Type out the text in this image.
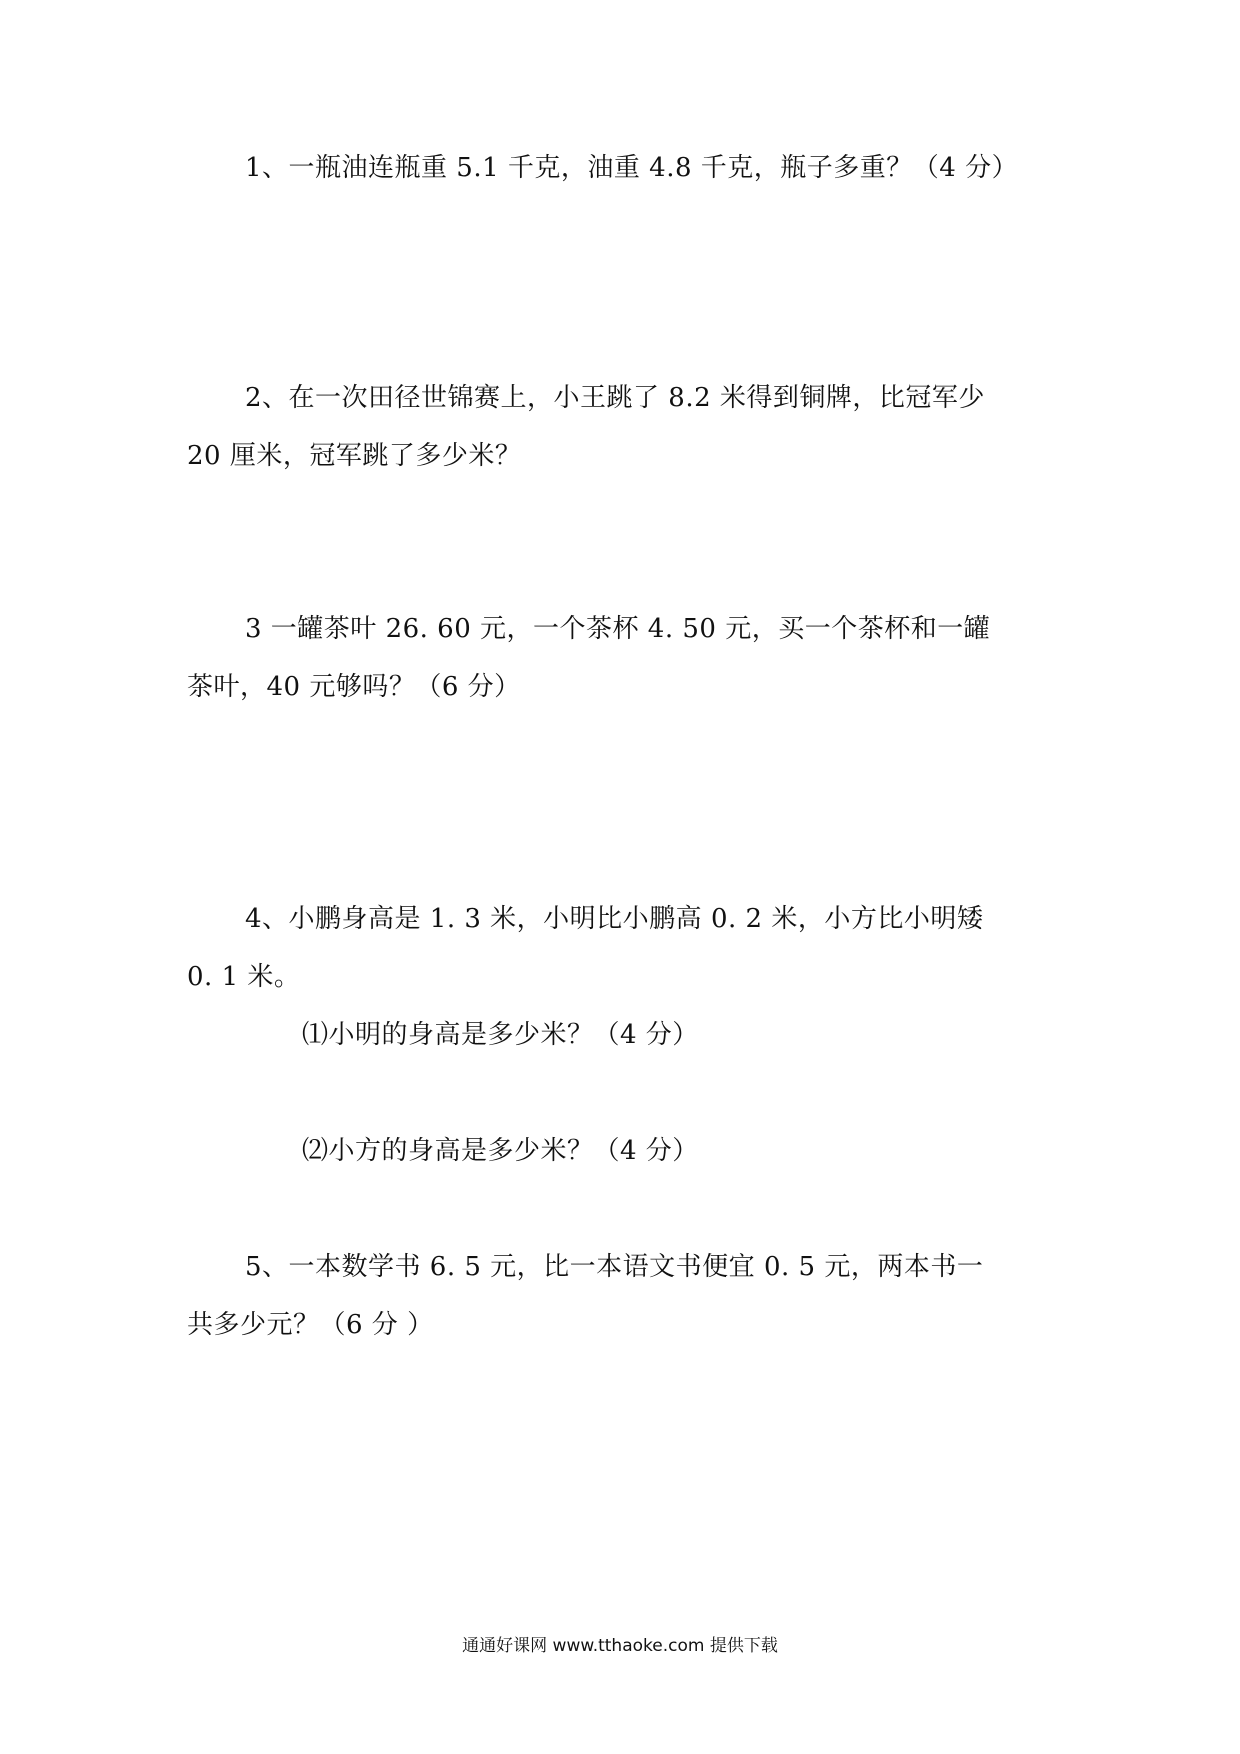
1、一瓶油连瓶重 5.1 千克，油重 4.8 千克，瓶子多重？（4 分）
2、在一次田径世锦赛上，小王跳了 8.2 米得到铜牌，比冠军少
20 厘米，冠军跳了多少米？
3 一罐茶叶 26. 60 元，一个茶杯 4. 50 元，买一个茶杯和一罐
茶叶，40 元够吗？（6 分）
4、小鹏身高是 1. 3 米，小明比小鹏高 0. 2 米，小方比小明矮
0. 1 米。
⑴小明的身高是多少米？（4 分）
⑵小方的身高是多少米？（4 分）
5、一本数学书 6. 5 元，比一本语文书便宜 0. 5 元，两本书一
共多少元？（6 分 ）
通通好课网 www.tthaoke.com 提供下载
